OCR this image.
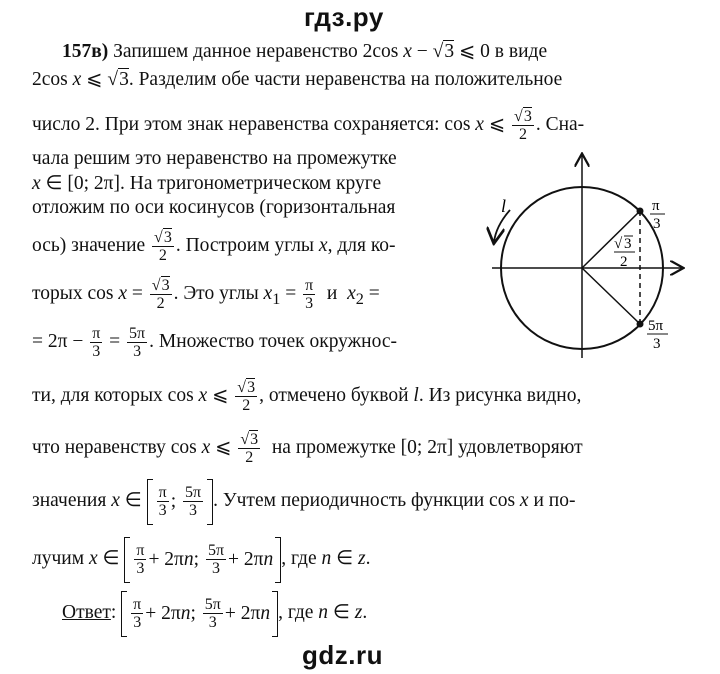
гдз.ру
gdz.ru
157в) Запишем данное неравенство 2cos x − √3 ⩽ 0 в виде
2cos x ⩽ √3. Разделим обе части неравенства на положительное
число 2. При этом знак неравенства сохраняется: cos x ⩽ $\frac{√3}{2}$ . Сна-
чала решим это неравенство на промежутке
x ∈ [0; 2π]. На тригонометрическом круге
отложим по оси косинусов (горизонтальная
ось) значение $\frac{√3}{2}$ . Построим углы x, для ко-
торых $\cos x = \frac{√3}{2}$ . Это углы $x_1 = \frac{\pi}{3}$ и $x_2$ =
= $2\pi - \frac{\pi}{3} = \frac{5\pi}{3}$ . Множество точек окружнос-
ти, для которых cos x ⩽ $\frac{√3}{2}$ , отмечено буквой l. Из рисунка видно,
что неравенству cos x ⩽ $\frac{√3}{2}$ на промежутке [0; 2π] удовлетворяют
значения x ∈ π
3 ;
5π
3 . Учтем периодичность функции cos x и по-
лучим x ∈ π
3 + 2π n ;
5π
3 + 2π n , где n ∈ z.
Ответ: π
3 + 2π n ;
5π
3 + 2π n , где n ∈ z.
l	π
3
√ 3
2
5π
3
